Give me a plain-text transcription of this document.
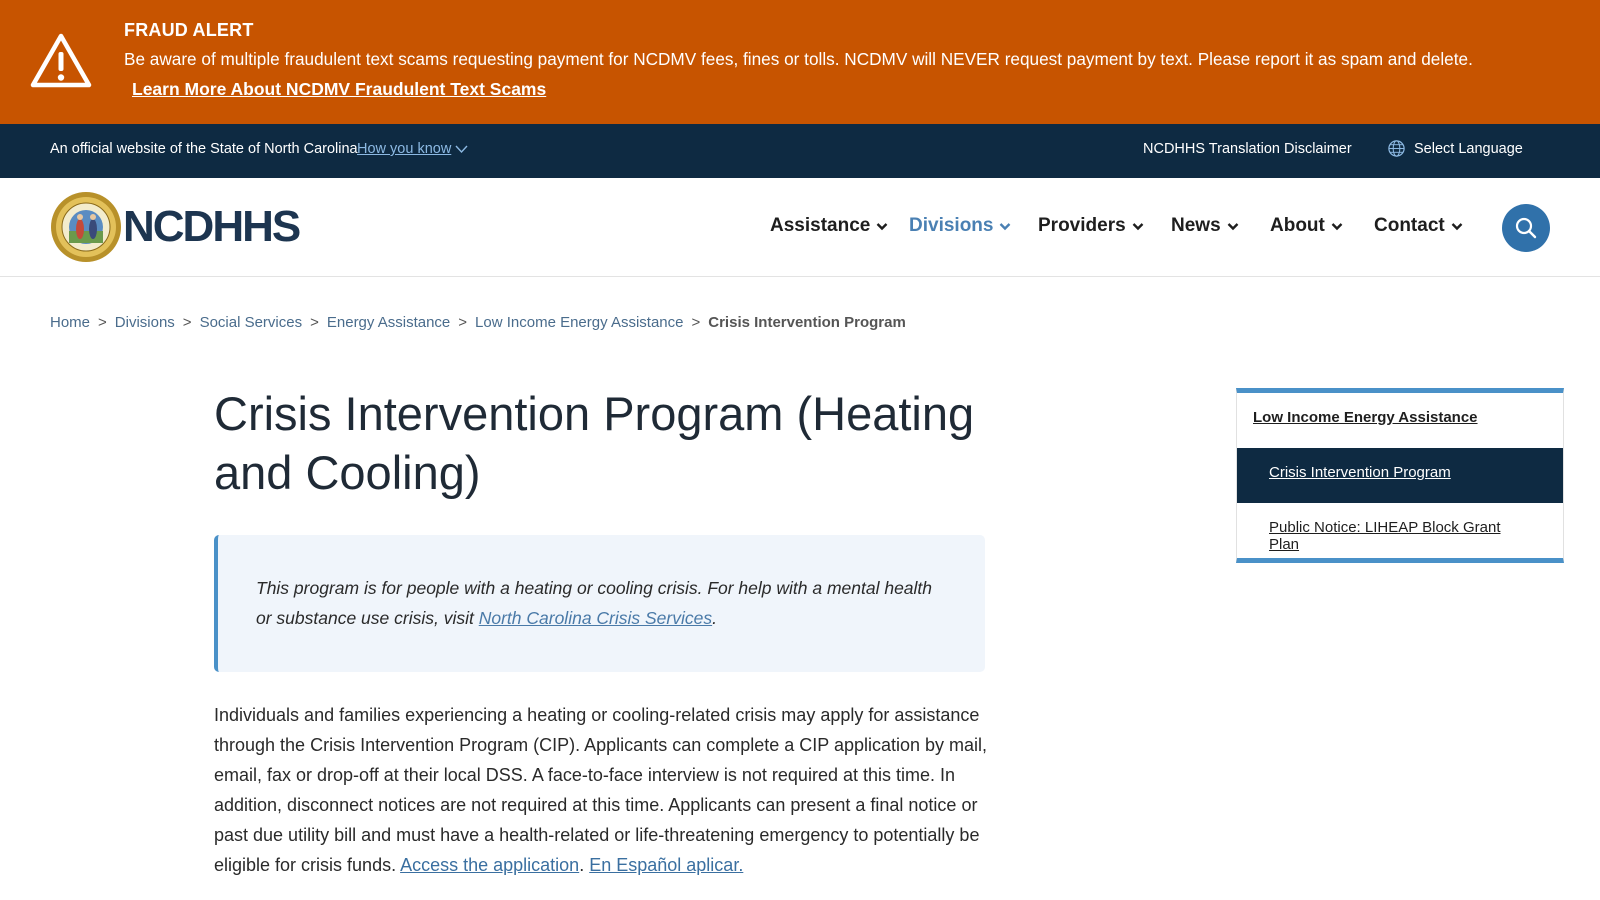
FRAUD ALERT
Be aware of multiple fraudulent text scams requesting payment for NCDMV fees, fines or tolls. NCDMV will NEVER request payment by text. Please report it as spam and delete.
Learn More About NCDMV Fraudulent Text Scams
An official website of the State of North Carolina How you know	NCDHHS Translation Disclaimer	Select Language
NCDHHS	Assistance Divisions Providers News	About	Contact
Home > Divisions > Social Services > Energy Assistance > Low Income Energy Assistance > Crisis Intervention Program
Crisis Intervention Program (Heating and Cooling)
This program is for people with a heating or cooling crisis. For help with a mental health or substance use crisis, visit North Carolina Crisis Services.
Individuals and families experiencing a heating or cooling-related crisis may apply for assistance through the Crisis Intervention Program (CIP). Applicants can complete a CIP application by mail, email, fax or drop-off at their local DSS. A face-to-face interview is not required at this time. In addition, disconnect notices are not required at this time. Applicants can present a final notice or past due utility bill and must have a health-related or life-threatening emergency to potentially be eligible for crisis funds. Access the application. En Español aplicar.
Low Income Energy Assistance
Crisis Intervention Program
Public Notice: LIHEAP Block Grant Plan
